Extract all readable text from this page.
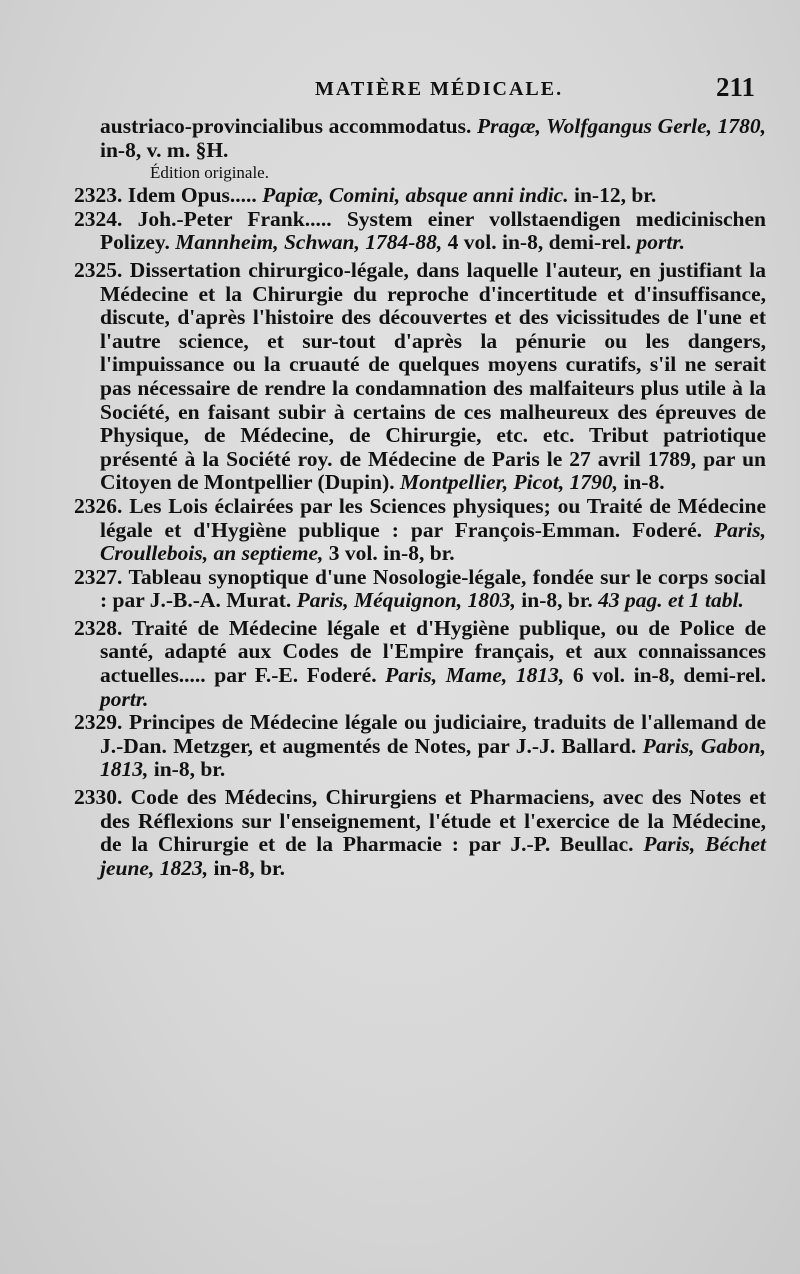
MATIÈRE MÉDICALE.	211

austriaco-provincialibus accommodatus. Pragæ, Wolfgangus Gerle, 1780, in-8, v. m. §H.

Édition originale.

2323. Idem Opus..... Papiæ, Comini, absque anni indic. in-12, br.

2324. Joh.-Peter Frank..... System einer vollstaendigen medicinischen Polizey. Mannheim, Schwan, 1784-88, 4 vol. in-8, demi-rel. portr.

2325. Dissertation chirurgico-légale, dans laquelle l'auteur, en justifiant la Médecine et la Chirurgie du reproche d'incertitude et d'insuffisance, discute, d'après l'histoire des découvertes et des vicissitudes de l'une et l'autre science, et sur-tout d'après la pénurie ou les dangers, l'impuissance ou la cruauté de quelques moyens curatifs, s'il ne serait pas nécessaire de rendre la condamnation des malfaiteurs plus utile à la Société, en faisant subir à certains de ces malheureux des épreuves de Physique, de Médecine, de Chirurgie, etc. etc. Tribut patriotique présenté à la Société roy. de Médecine de Paris le 27 avril 1789, par un Citoyen de Montpellier (Dupin). Montpellier, Picot, 1790, in-8.

2326. Les Lois éclairées par les Sciences physiques; ou Traité de Médecine légale et d'Hygiène publique : par François-Emman. Foderé. Paris, Croullebois, an septieme, 3 vol. in-8, br.

2327. Tableau synoptique d'une Nosologie-légale, fondée sur le corps social : par J.-B.-A. Murat. Paris, Méquignon, 1803, in-8, br. 43 pag. et 1 tabl.

2328. Traité de Médecine légale et d'Hygiène publique, ou de Police de santé, adapté aux Codes de l'Empire français, et aux connaissances actuelles..... par F.-E. Foderé. Paris, Mame, 1813, 6 vol. in-8, demi-rel. portr.

2329. Principes de Médecine légale ou judiciaire, traduits de l'allemand de J.-Dan. Metzger, et augmentés de Notes, par J.-J. Ballard. Paris, Gabon, 1813, in-8, br.

2330. Code des Médecins, Chirurgiens et Pharmaciens, avec des Notes et des Réflexions sur l'enseignement, l'étude et l'exercice de la Médecine, de la Chirurgie et de la Pharmacie : par J.-P. Beullac. Paris, Béchet jeune, 1823, in-8, br.
